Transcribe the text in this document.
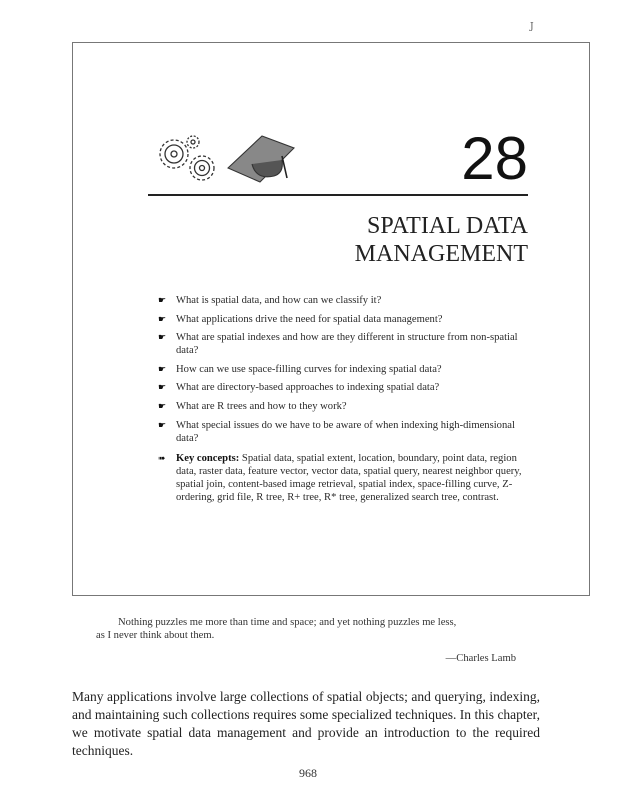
J
28
SPATIAL DATA
MANAGEMENT
☛ What is spatial data, and how can we classify it?
☛ What applications drive the need for spatial data management?
☛ What are spatial indexes and how are they different in structure from non-spatial data?
☛ How can we use space-filling curves for indexing spatial data?
☛ What are directory-based approaches to indexing spatial data?
☛ What are R trees and how to they work?
☛ What special issues do we have to be aware of when indexing high-dimensional data?
➠ Key concepts: Spatial data, spatial extent, location, boundary, point data, region data, raster data, feature vector, vector data, spatial query, nearest neighbor query, spatial join, content-based image retrieval, spatial index, space-filling curve, Z-ordering, grid file, R tree, R+ tree, R* tree, generalized search tree, contrast.
Nothing puzzles me more than time and space; and yet nothing puzzles me less,
as I never think about them.
—Charles Lamb

Many applications involve large collections of spatial objects; and querying, indexing, and maintaining such collections requires some specialized techniques. In this chapter, we motivate spatial data management and provide an introduction to the required techniques.

968
